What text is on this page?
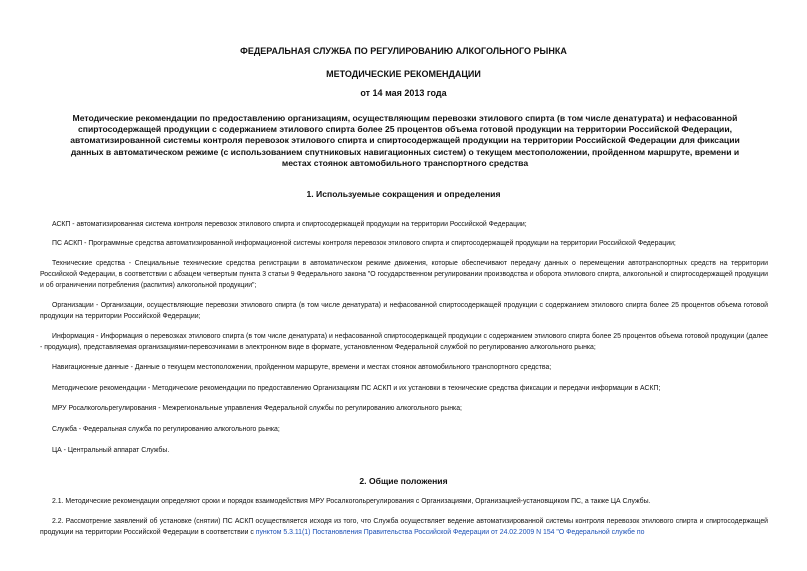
ФЕДЕРАЛЬНАЯ СЛУЖБА ПО РЕГУЛИРОВАНИЮ АЛКОГОЛЬНОГО РЫНКА
МЕТОДИЧЕСКИЕ РЕКОМЕНДАЦИИ
от 14 мая 2013 года
Методические рекомендации по предоставлению организациям, осуществляющим перевозки этилового спирта (в том числе денатурата) и нефасованной спиртосодержащей продукции с содержанием этилового спирта более 25 процентов объема готовой продукции на территории Российской Федерации, автоматизированной системы контроля перевозок этилового спирта и спиртосодержащей продукции на территории Российской Федерации для фиксации данных в автоматическом режиме (с использованием спутниковых навигационных систем) о текущем местоположении, пройденном маршруте, времени и местах стоянок автомобильного транспортного средства
1. Используемые сокращения и определения
АСКП - автоматизированная система контроля перевозок этилового спирта и спиртосодержащей продукции на территории Российской Федерации;
ПС АСКП - Программные средства автоматизированной информационной системы контроля перевозок этилового спирта и спиртосодержащей продукции на территории Российской Федерации;
Технические средства - Специальные технические средства регистрации в автоматическом режиме движения, которые обеспечивают передачу данных о перемещении автотранспортных средств на территории Российской Федерации, в соответствии с абзацем четвертым пункта 3 статьи 9 Федерального закона "О государственном регулировании производства и оборота этилового спирта, алкогольной и спиртосодержащей продукции и об ограничении потребления (распития) алкогольной продукции";
Организации - Организации, осуществляющие перевозки этилового спирта (в том числе денатурата) и нефасованной спиртосодержащей продукции с содержанием этилового спирта более 25 процентов объема готовой продукции на территории Российской Федерации;
Информация - Информация о перевозках этилового спирта (в том числе денатурата) и нефасованной спиртосодержащей продукции с содержанием этилового спирта более 25 процентов объема готовой продукции (далее - продукция), представляемая организациями-перевозчиками в электронном виде в формате, установленном Федеральной службой по регулированию алкогольного рынка;
Навигационные данные - Данные о текущем местоположении, пройденном маршруте, времени и местах стоянок автомобильного транспортного средства;
Методические рекомендации - Методические рекомендации по предоставлению Организациям ПС АСКП и их установки в технические средства фиксации и передачи информации в АСКП;
МРУ Росалкогольрегулирования - Межрегиональные управления Федеральной службы по регулированию алкогольного рынка;
Служба - Федеральная служба по регулированию алкогольного рынка;
ЦА - Центральный аппарат Службы.
2. Общие положения
2.1. Методические рекомендации определяют сроки и порядок взаимодействия МРУ Росалкогольрегулирования с Организациями, Организацией-установщиком ПС, а также ЦА Службы.
2.2. Рассмотрение заявлений об установке (снятии) ПС АСКП осуществляется исходя из того, что Служба осуществляет ведение автоматизированной системы контроля перевозок этилового спирта и спиртосодержащей продукции на территории Российской Федерации в соответствии с пунктом 5.3.11(1) Постановления Правительства Российской Федерации от 24.02.2009 N 154 "О Федеральной службе по
